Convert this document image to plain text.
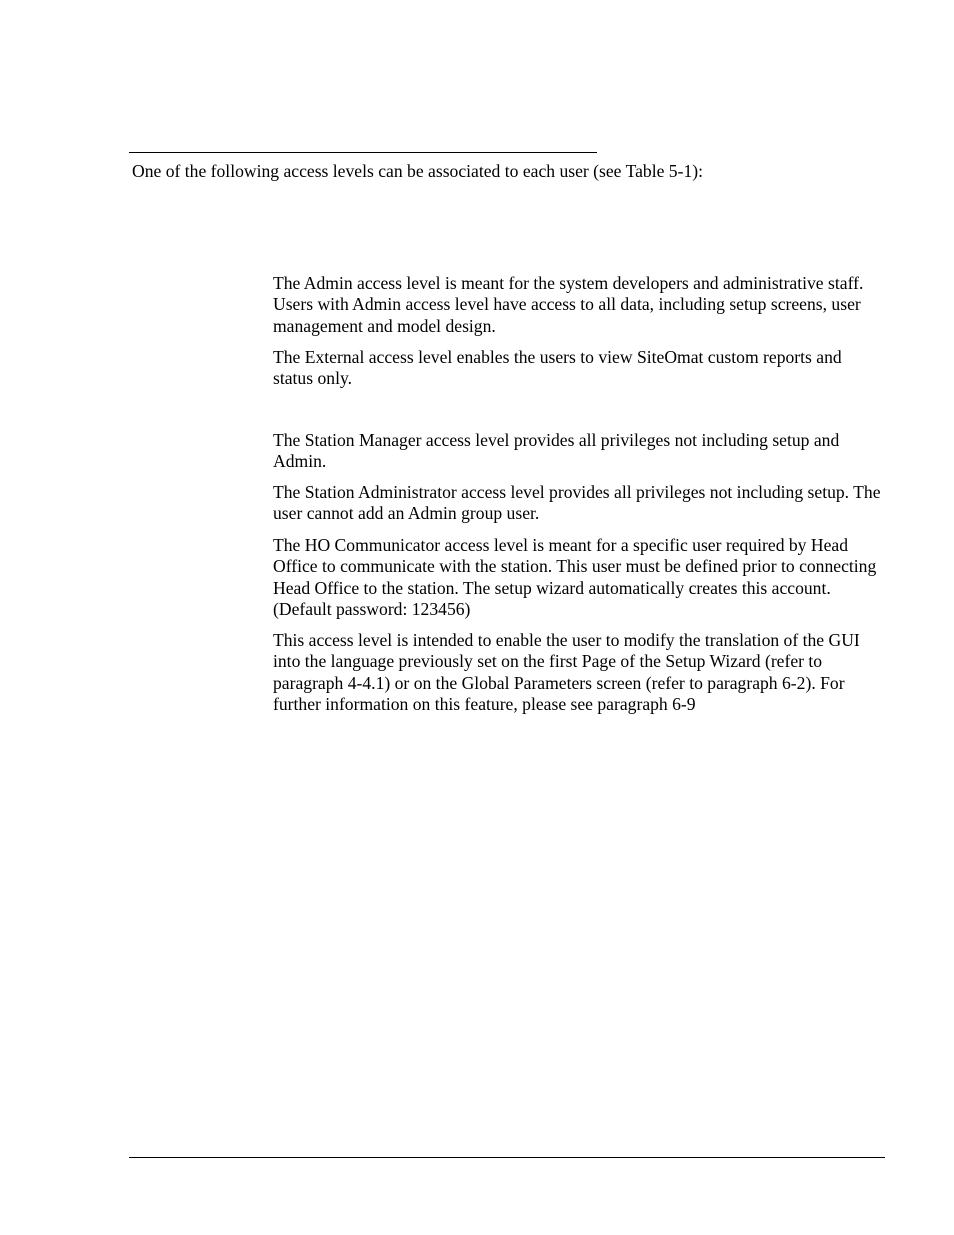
One of the following access levels can be associated to each user (see Table 5-1):

The Admin access level is meant for the system developers and administrative staff. Users with Admin access level have access to all data, including setup screens, user management and model design.

The External access level enables the users to view SiteOmat custom reports and status only.

The Station Manager access level provides all privileges not including setup and Admin.

The Station Administrator access level provides all privileges not including setup. The user cannot add an Admin group user.

The HO Communicator access level is meant for a specific user required by Head Office to communicate with the station. This user must be defined prior to connecting Head Office to the station. The setup wizard automatically creates this account. (Default password: 123456)

This access level is intended to enable the user to modify the translation of the GUI into the language previously set on the first Page of the Setup Wizard (refer to paragraph 4-4.1) or on the Global Parameters screen (refer to paragraph 6-2). For further information on this feature, please see paragraph 6-9
